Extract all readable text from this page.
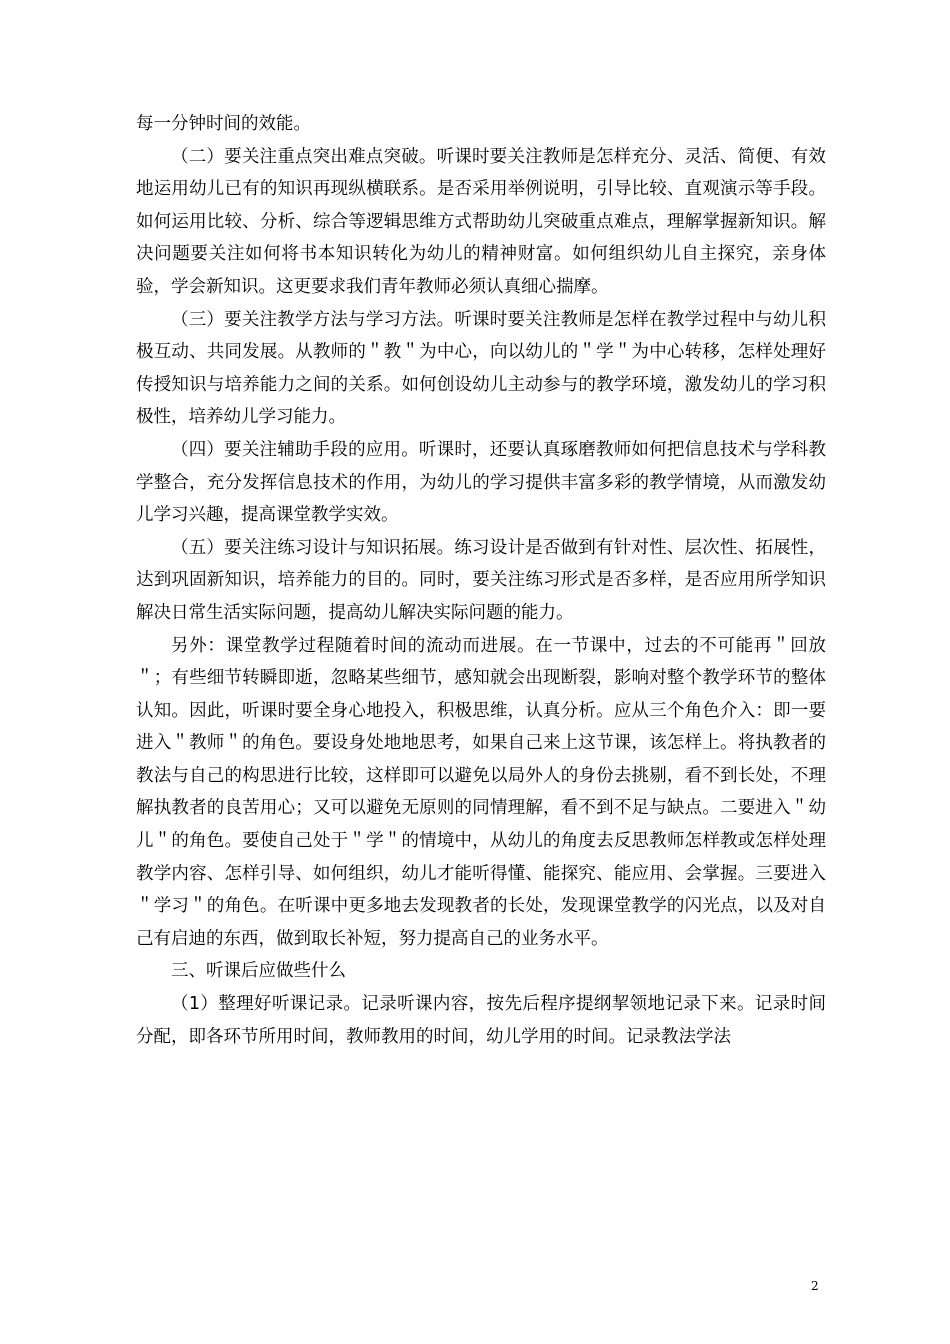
每一分钟时间的效能。

（二）要关注重点突出难点突破。听课时要关注教师是怎样充分、灵活、简便、有效地运用幼儿已有的知识再现纵横联系。是否采用举例说明，引导比较、直观演示等手段。如何运用比较、分析、综合等逻辑思维方式帮助幼儿突破重点难点，理解掌握新知识。解决问题要关注如何将书本知识转化为幼儿的精神财富。如何组织幼儿自主探究，亲身体验，学会新知识。这更要求我们青年教师必须认真细心揣摩。

（三）要关注教学方法与学习方法。听课时要关注教师是怎样在教学过程中与幼儿积极互动、共同发展。从教师的＂教＂为中心，向以幼儿的＂学＂为中心转移，怎样处理好传授知识与培养能力之间的关系。如何创设幼儿主动参与的教学环境，激发幼儿的学习积极性，培养幼儿学习能力。

（四）要关注辅助手段的应用。听课时，还要认真琢磨教师如何把信息技术与学科教学整合，充分发挥信息技术的作用，为幼儿的学习提供丰富多彩的教学情境，从而激发幼儿学习兴趣，提高课堂教学实效。

（五）要关注练习设计与知识拓展。练习设计是否做到有针对性、层次性、拓展性，达到巩固新知识，培养能力的目的。同时，要关注练习形式是否多样，是否应用所学知识解决日常生活实际问题，提高幼儿解决实际问题的能力。

另外：课堂教学过程随着时间的流动而进展。在一节课中，过去的不可能再＂回放＂；有些细节转瞬即逝，忽略某些细节，感知就会出现断裂，影响对整个教学环节的整体认知。因此，听课时要全身心地投入，积极思维，认真分析。应从三个角色介入：即一要进入＂教师＂的角色。要设身处地地思考，如果自己来上这节课，该怎样上。将执教者的教法与自己的构思进行比较，这样即可以避免以局外人的身份去挑剔，看不到长处，不理解执教者的良苦用心；又可以避免无原则的同情理解，看不到不足与缺点。二要进入＂幼儿＂的角色。要使自己处于＂学＂的情境中，从幼儿的角度去反思教师怎样教或怎样处理教学内容、怎样引导、如何组织，幼儿才能听得懂、能探究、能应用、会掌握。三要进入＂学习＂的角色。在听课中更多地去发现教者的长处，发现课堂教学的闪光点，以及对自己有启迪的东西，做到取长补短，努力提高自己的业务水平。

三、听课后应做些什么

（1）整理好听课记录。记录听课内容，按先后程序提纲挈领地记录下来。记录时间分配，即各环节所用时间，教师教用的时间，幼儿学用的时间。记录教法学法

2
